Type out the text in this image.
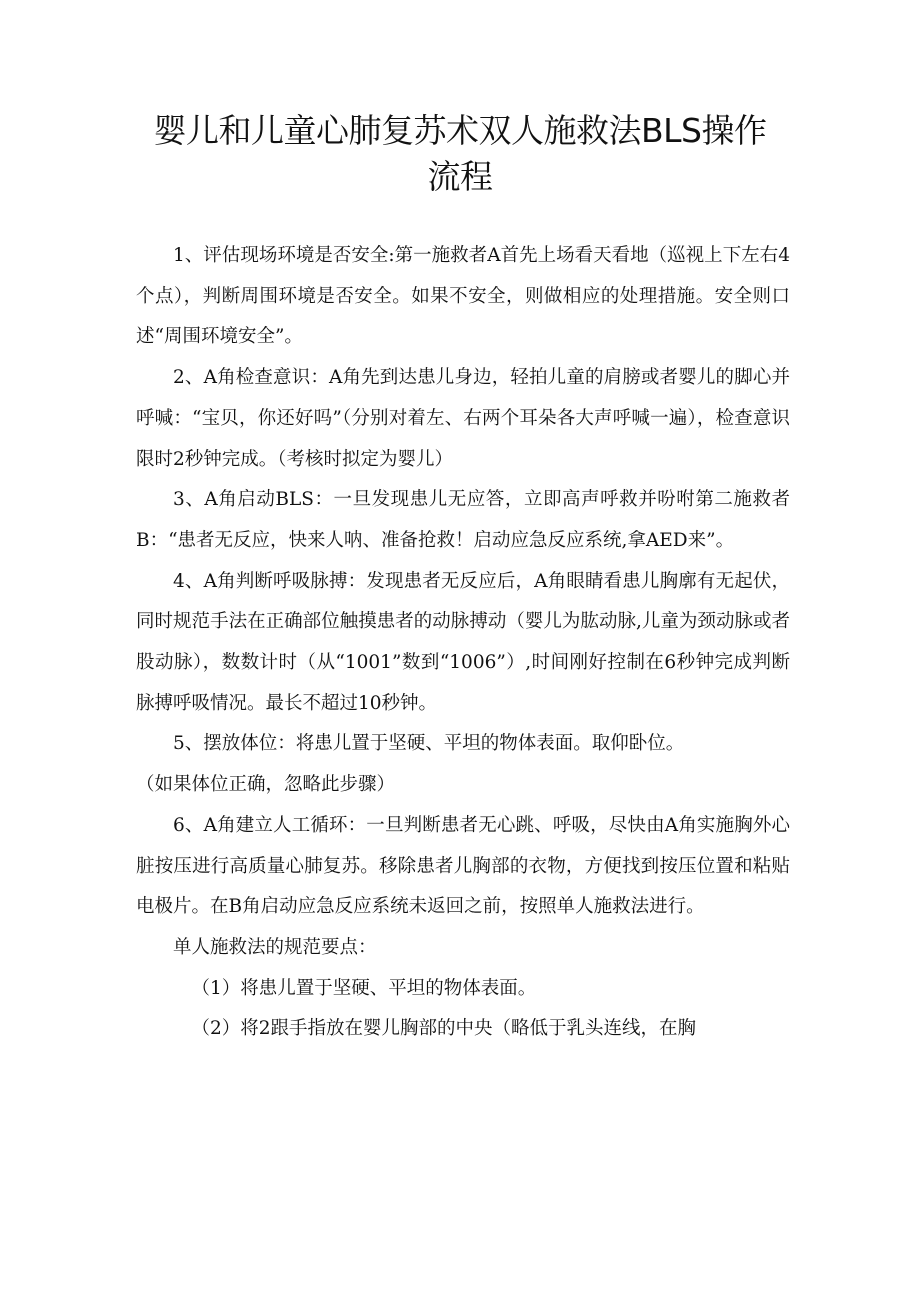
婴儿和儿童心肺复苏术双人施救法BLS操作
流程

1、评估现场环境是否安全:第一施救者A首先上场看天看地（巡视上下左右4个点），判断周围环境是否安全。如果不安全，则做相应的处理措施。安全则口述“周围环境安全”。

2、A角检查意识：A角先到达患儿身边，轻拍儿童的肩膀或者婴儿的脚心并呼喊：“宝贝，你还好吗”（分别对着左、右两个耳朵各大声呼喊一遍），检查意识限时2秒钟完成。（考核时拟定为婴儿）

3、A角启动BLS：一旦发现患儿无应答，立即高声呼救并吩咐第二施救者B：“患者无反应，快来人呐、准备抢救！启动应急反应系统,拿AED来”。

4、A角判断呼吸脉搏：发现患者无反应后，A角眼睛看患儿胸廓有无起伏，同时规范手法在正确部位触摸患者的动脉搏动（婴儿为肱动脉,儿童为颈动脉或者股动脉），数数计时（从“1001”数到“1006”）,时间刚好控制在6秒钟完成判断脉搏呼吸情况。最长不超过10秒钟。

5、摆放体位：将患儿置于坚硬、平坦的物体表面。取仰卧位。

（如果体位正确，忽略此步骤）

6、A角建立人工循环：一旦判断患者无心跳、呼吸，尽快由A角实施胸外心脏按压进行高质量心肺复苏。移除患者儿胸部的衣物，方便找到按压位置和粘贴电极片。在B角启动应急反应系统未返回之前，按照单人施救法进行。

单人施救法的规范要点：

（1）将患儿置于坚硬、平坦的物体表面。

（2）将2跟手指放在婴儿胸部的中央（略低于乳头连线，在胸
